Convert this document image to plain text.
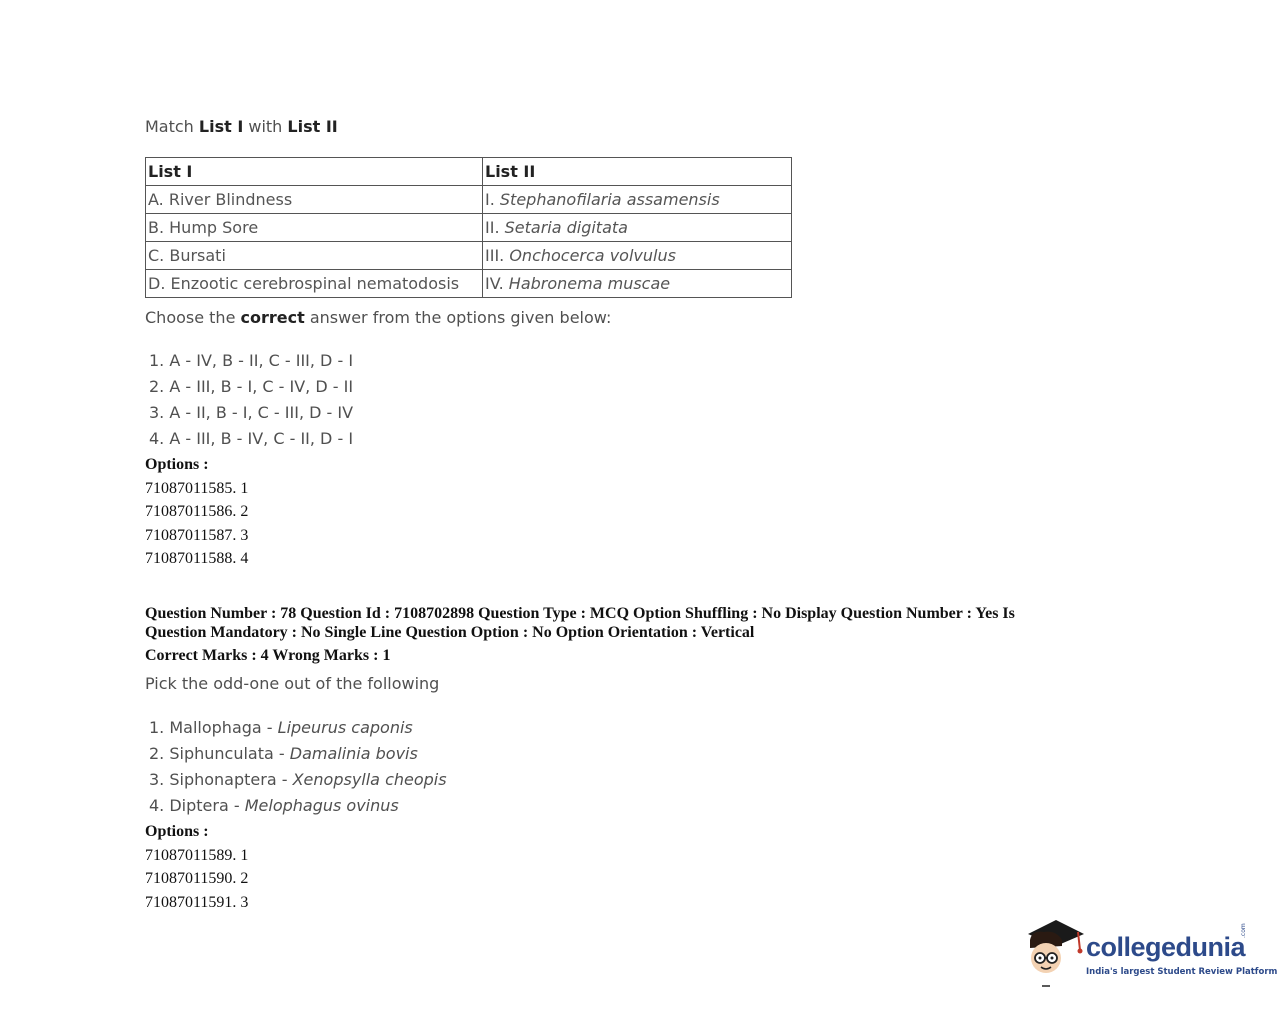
Match List I with List II
List I	List II
A. River Blindness	I. Stephanofilaria assamensis
B. Hump Sore	II. Setaria digitata
C. Bursati	III. Onchocerca volvulus
D. Enzootic cerebrospinal nematodosis	IV. Habronema muscae
Choose the correct answer from the options given below:
1. A - IV, B - II, C - III, D - I
2. A - III, B - I, C - IV, D - II
3. A - II, B - I, C - III, D - IV
4. A - III, B - IV, C - II, D - I
Options :
71087011585. 1
71087011586. 2
71087011587. 3
71087011588. 4
Question Number : 78 Question Id : 7108702898 Question Type : MCQ Option Shuffling : No Display Question Number : Yes Is
Question Mandatory : No Single Line Question Option : No Option Orientation : Vertical
Correct Marks : 4 Wrong Marks : 1
Pick the odd-one out of the following
1. Mallophaga - Lipeurus caponis
2. Siphunculata - Damalinia bovis
3. Siphonaptera - Xenopsylla cheopis
4. Diptera - Melophagus ovinus
Options :
71087011589. 1
71087011590. 2
71087011591. 3
collegedunia
.com
India's largest Student Review Platform
